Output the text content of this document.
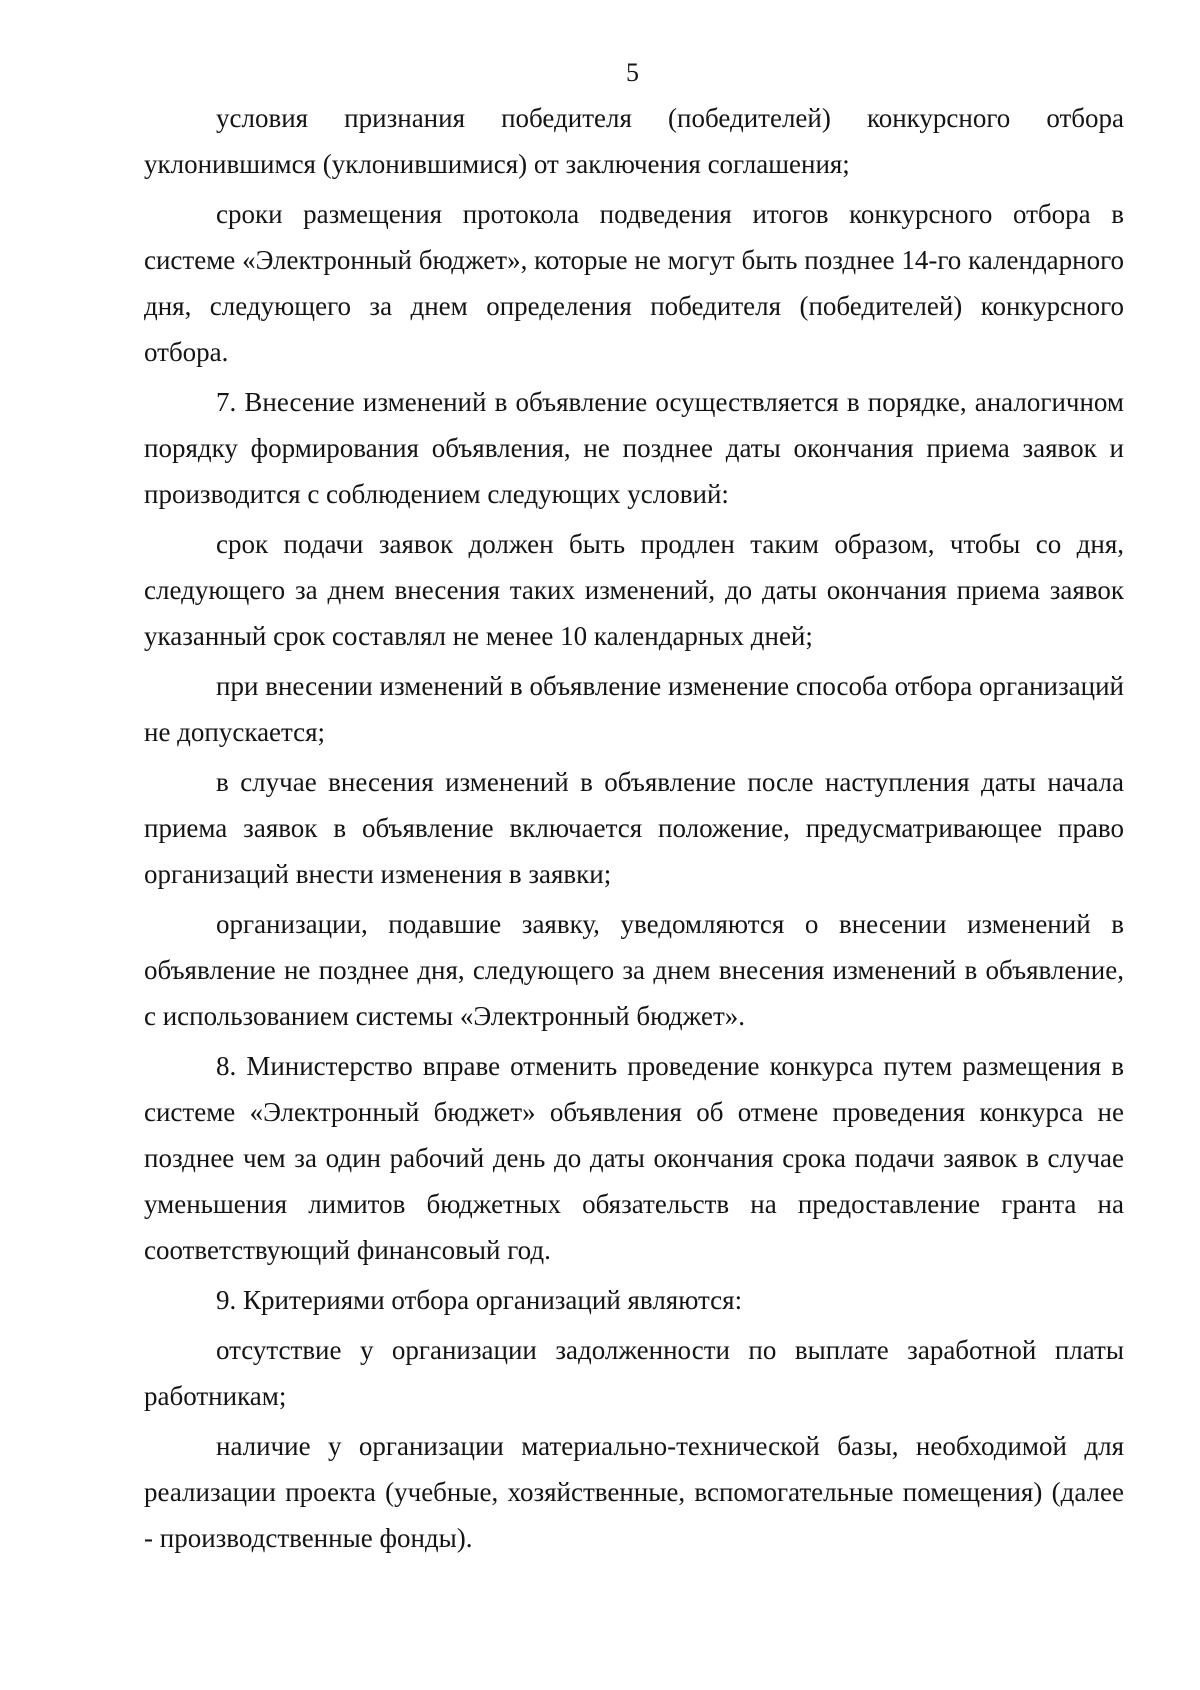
5

условия признания победителя (победителей) конкурсного отбора уклонившимся (уклонившимися) от заключения соглашения;

сроки размещения протокола подведения итогов конкурсного отбора в системе «Электронный бюджет», которые не могут быть позднее 14-го календарного дня, следующего за днем определения победителя (победителей) конкурсного отбора.

7. Внесение изменений в объявление осуществляется в порядке, аналогичном порядку формирования объявления, не позднее даты окончания приема заявок и производится с соблюдением следующих условий:

срок подачи заявок должен быть продлен таким образом, чтобы со дня, следующего за днем внесения таких изменений, до даты окончания приема заявок указанный срок составлял не менее 10 календарных дней;

при внесении изменений в объявление изменение способа отбора организаций не допускается;

в случае внесения изменений в объявление после наступления даты начала приема заявок в объявление включается положение, предусматривающее право организаций внести изменения в заявки;

организации, подавшие заявку, уведомляются о внесении изменений в объявление не позднее дня, следующего за днем внесения изменений в объявление, с использованием системы «Электронный бюджет».

8. Министерство вправе отменить проведение конкурса путем размещения в системе «Электронный бюджет» объявления об отмене проведения конкурса не позднее чем за один рабочий день до даты окончания срока подачи заявок в случае уменьшения лимитов бюджетных обязательств на предоставление гранта на соответствующий финансовый год.

9. Критериями отбора организаций являются:

отсутствие у организации задолженности по выплате заработной платы работникам;

наличие у организации материально-технической базы, необходимой для реализации проекта (учебные, хозяйственные, вспомогательные помещения) (далее - производственные фонды).
